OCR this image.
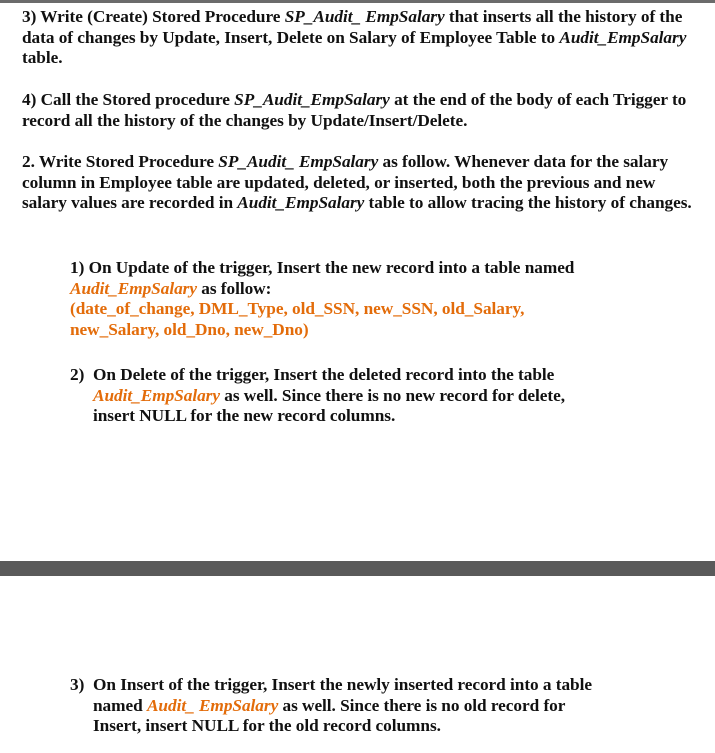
3) Write (Create) Stored Procedure SP_Audit_ EmpSalary that inserts all the history of the data of changes by Update, Insert, Delete on Salary of Employee Table to Audit_EmpSalary table.

4) Call the Stored procedure SP_Audit_EmpSalary at the end of the body of each Trigger to record all the history of the changes by Update/Insert/Delete.

2. Write Stored Procedure SP_Audit_ EmpSalary as follow. Whenever data for the salary column in Employee table are updated, deleted, or inserted, both the previous and new salary values are recorded in Audit_EmpSalary table to allow tracing the history of changes.

1) On Update of the trigger, Insert the new record into a table named
Audit_EmpSalary as follow:
(date_of_change, DML_Type, old_SSN, new_SSN, old_Salary,
new_Salary, old_Dno, new_Dno)
2) On Delete of the trigger, Insert the deleted record into the table
Audit_EmpSalary as well. Since there is no new record for delete,
insert NULL for the new record columns.
3) On Insert of the trigger, Insert the newly inserted record into a table
named Audit_ EmpSalary as well. Since there is no old record for
Insert, insert NULL for the old record columns.
